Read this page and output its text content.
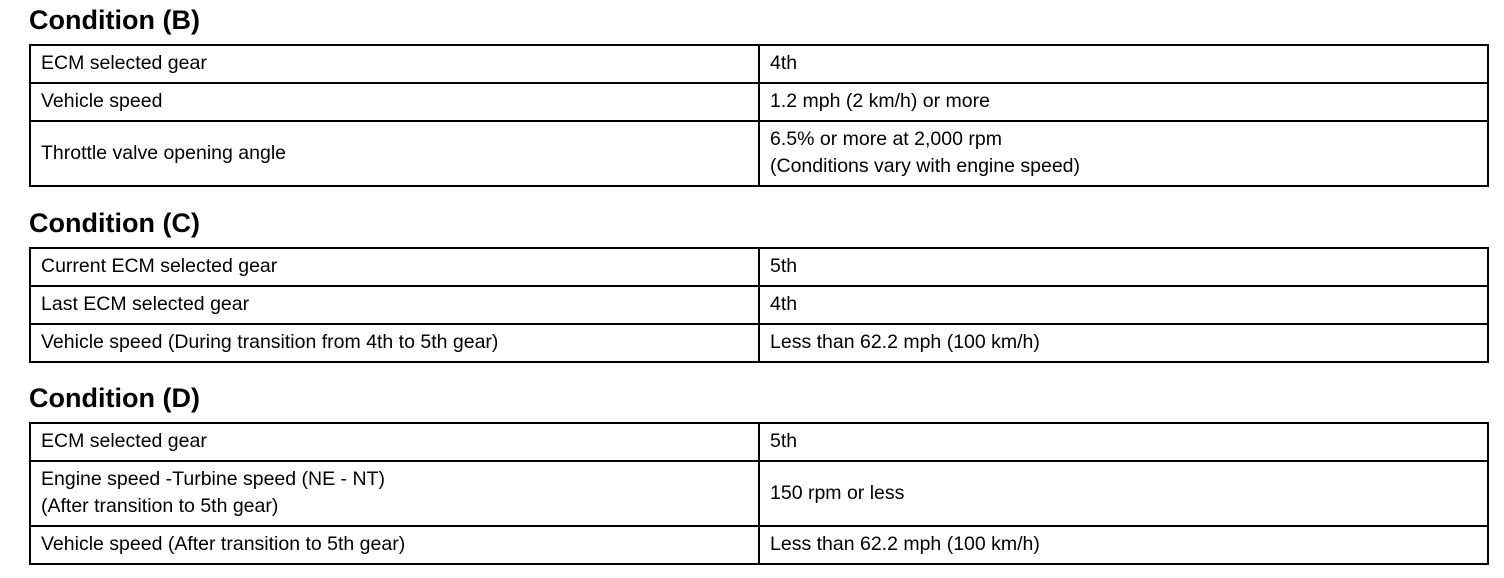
Condition (B)
ECM selected gear	4th

Vehicle speed	1.2 mph (2 km/h) or more

Throttle valve opening angle	6.5% or more at 2,000 rpm
(Conditions vary with engine speed)
Condition (C)
Current ECM selected gear	5th

Last ECM selected gear	4th

Vehicle speed (During transition from 4th to 5th gear)	Less than 62.2 mph (100 km/h)
Condition (D)
ECM selected gear	5th

Engine speed -Turbine speed (NE - NT)
(After transition to 5th gear)	150 rpm or less

Vehicle speed (After transition to 5th gear)	Less than 62.2 mph (100 km/h)
